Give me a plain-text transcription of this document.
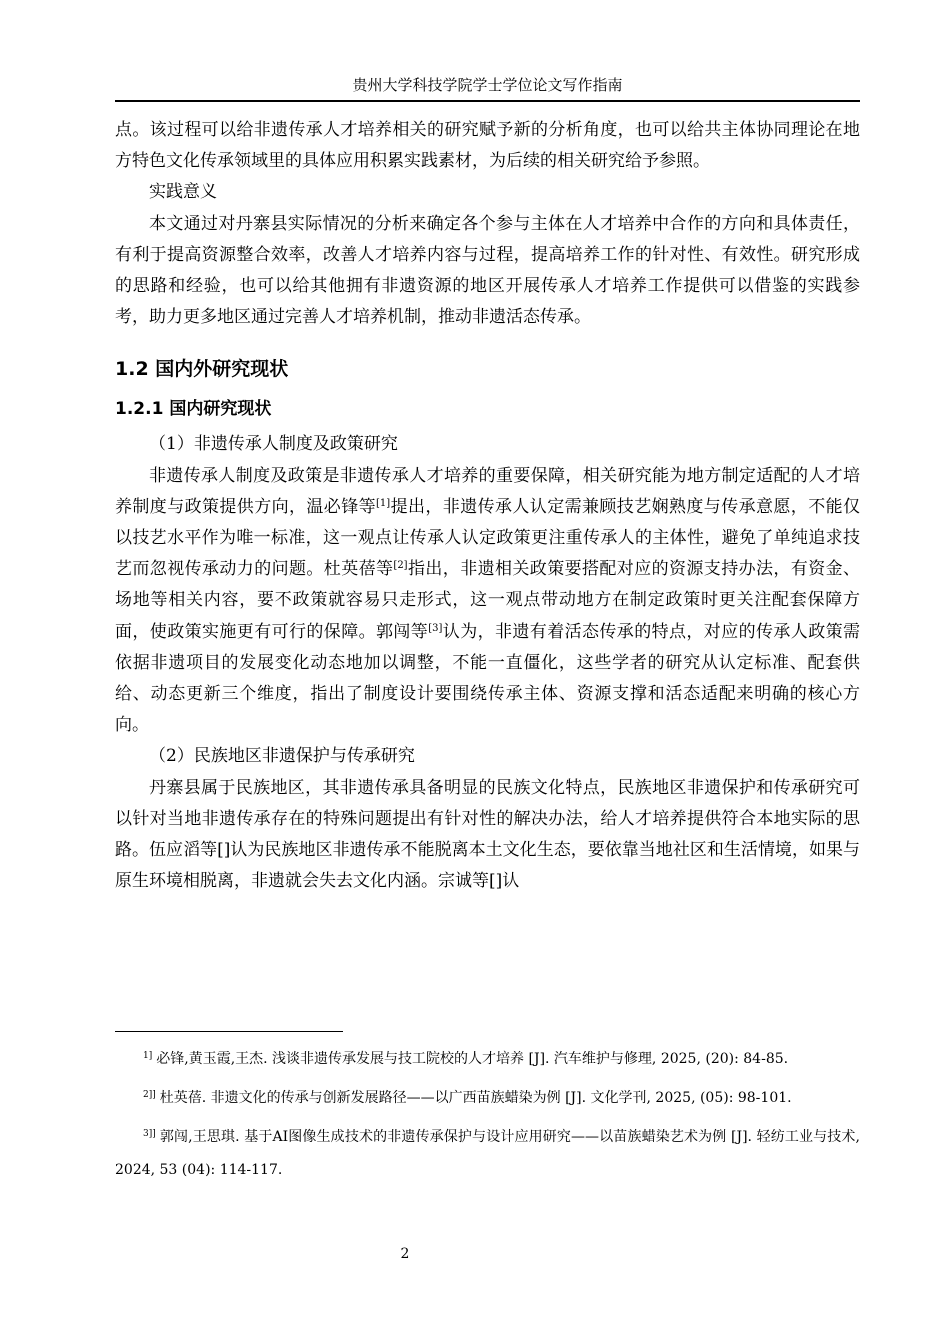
贵州大学科技学院学士学位论文写作指南

点。该过程可以给非遗传承人才培养相关的研究赋予新的分析角度，也可以给共主体协同理论在地方特色文化传承领域里的具体应用积累实践素材，为后续的相关研究给予参照。

实践意义

本文通过对丹寨县实际情况的分析来确定各个参与主体在人才培养中合作的方向和具体责任，有利于提高资源整合效率，改善人才培养内容与过程，提高培养工作的针对性、有效性。研究形成的思路和经验，也可以给其他拥有非遗资源的地区开展传承人才培养工作提供可以借鉴的实践参考，助力更多地区通过完善人才培养机制，推动非遗活态传承。

1.2 国内外研究现状
1.2.1 国内研究现状

（1）非遗传承人制度及政策研究

非遗传承人制度及政策是非遗传承人才培养的重要保障，相关研究能为地方制定适配的人才培养制度与政策提供方向，温必锋等[1]提出，非遗传承人认定需兼顾技艺娴熟度与传承意愿，不能仅以技艺水平作为唯一标准，这一观点让传承人认定政策更注重传承人的主体性，避免了单纯追求技艺而忽视传承动力的问题。杜英蓓等[2]指出，非遗相关政策要搭配对应的资源支持办法，有资金、场地等相关内容，要不政策就容易只走形式，这一观点带动地方在制定政策时更关注配套保障方面，使政策实施更有可行的保障。郭闯等[3]认为，非遗有着活态传承的特点，对应的传承人政策需依据非遗项目的发展变化动态地加以调整，不能一直僵化，这些学者的研究从认定标准、配套供给、动态更新三个维度，指出了制度设计要围绕传承主体、资源支撑和活态适配来明确的核心方向。

（2）民族地区非遗保护与传承研究

丹寨县属于民族地区，其非遗传承具备明显的民族文化特点，民族地区非遗保护和传承研究可以针对当地非遗传承存在的特殊问题提出有针对性的解决办法，给人才培养提供符合本地实际的思路。伍应滔等[]认为民族地区非遗传承不能脱离本土文化生态，要依靠当地社区和生活情境，如果与原生环境相脱离，非遗就会失去文化内涵。宗诚等[]认

$^{1]}$ 必锋,黄玉霞,王杰. 浅谈非遗传承发展与技工院校的人才培养 [J]. 汽车维护与修理, 2025, (20): 84-85.

$^{2]]}$ 杜英蓓. 非遗文化的传承与创新发展路径——以广西苗族蜡染为例 [J]. 文化学刊, 2025, (05): 98-101.

$^{3]]}$ 郭闯,王思琪. 基于AI图像生成技术的非遗传承保护与设计应用研究——以苗族蜡染艺术为例 [J]. 轻纺工业与技术, 2024, 53 (04): 114-117.

2
